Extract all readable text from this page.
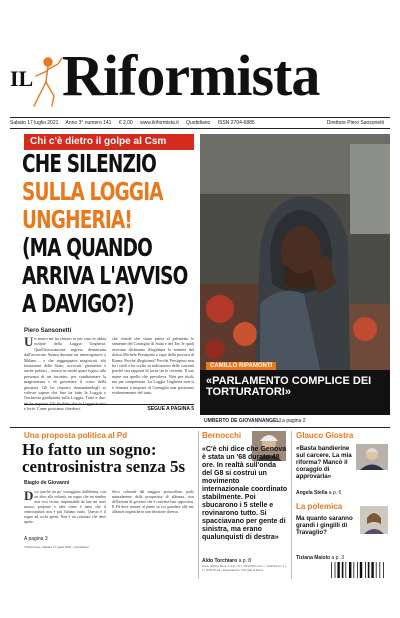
IL Riformista
Sabato 17 luglio 2021 Anno 3° numero 141 € 2,00 www.ilriformista.it Quotidiano ISSN 2704-6885	Direttore Piero Sansonetti
Chi c'è dietro il golpe al Csm
CHE SILENZIO
SULLA LOGGIA
UNGHERIA!
(MA QUANDO
ARRIVA L'AVVISO
A DAVIGO?)
Piero Sansonetti
Un amico mi ha chiesto se per caso io abbia notizie della Loggia Ungheria. Quell'associazione segreta denunciata dall'avvocato Amara durante un interrogatorio a Milano – e che raggruppava magistrati, alti funzionari dello Stato, avvocati, giornalisti e anche politici – mossa in modo quasi logico alla presenza di un incontro, per condizionare la magistratura e di governare il corso della giustizia. Gli ho risposto domandandogli se volesse sapere che fine ha fatto la Loggia o l'inchiesta giudiziaria sulla Loggia. Tutte e due, mi ha risposto. Gli ho detto che la Loggia è viva e forte. Come possiamo chiederci.
che chiede che siano primi al gabinetto le sentenze del Consiglio di Stato e del Tar, le quali avevano dichiarato illegittima la nomina del dottor Michele Prestipino a capo della procura di Roma. Perché illegittima? Perché Prestipino non ha i titoli e ha scelto su indicazioni delle correnti perché sua rapporti di forza tra le correnti. Il suo nome era quello che prevaleva. Non per titoli, ma per competenze. La Loggia Ungheria non si è fermata a imporre al Consiglio una posizione evidentemente del tutto.
SEGUE A PAGINA 5
CAMILLO RIPAMONTI
«PARLAMENTO COMPLICE DEI TORTURATORI»
UMBERTO DE GIOVANNANGELI a pagina 2
Una proposta politica al Pd
Ho fatto un sogno: centrosinistra senza 5s
Biagio de Giovanni
Dico perché un po' scoraggiato dall'ultima, con un altro alla volontà, un sogno che mi sembra mai così vicino, impensabile da fare mi sono mosso, proposte e idee come è tanto che il centrosinistra non è più l'ultimo ruolo. Questo è il sogno ad occhi aperti. Non è un comitato che deve aprire.
Stico culturale dal maggior protocollare, parlo naturalmente della prospettiva di alleanza, non dell'azione di governo che è costretta fuor oppositori. Il Pd deve mutare al punto in cui guardare alle sue alleanze organiche in una direzione diversa.
A pagina 3
Il Riformista • Sabato 17 luglio 2021 • Quotidiano
Bernocchi
«C'è chi dice che Genova è stata un '68 durato 48 ore. In realtà sull'onda del G8 si costruì un movimento internazionale coordinato stabilmente. Poi sbucarono i 5 stelle e rovinarono tutto. Si spacciavano per gente di sinistra, ma erano qualunquisti di destra»
Aldo Torchiaro a p. 8
Glauco Giostra
«Basta bandierine sul carcere. La mia riforma? Mancò il coraggio di approvarla»
Angela Stella a p. 6
La polemica
Ma quanto saranno grandi i gingilli di Travaglio?
Tiziana Maiolo a p. 3
Poste Italiane Sped. in A.P. • D.L. 353/2003 conv. L. 46/2004 art. 1 c. 1 • DCB Roma • Registrazione Tribunale di Roma
